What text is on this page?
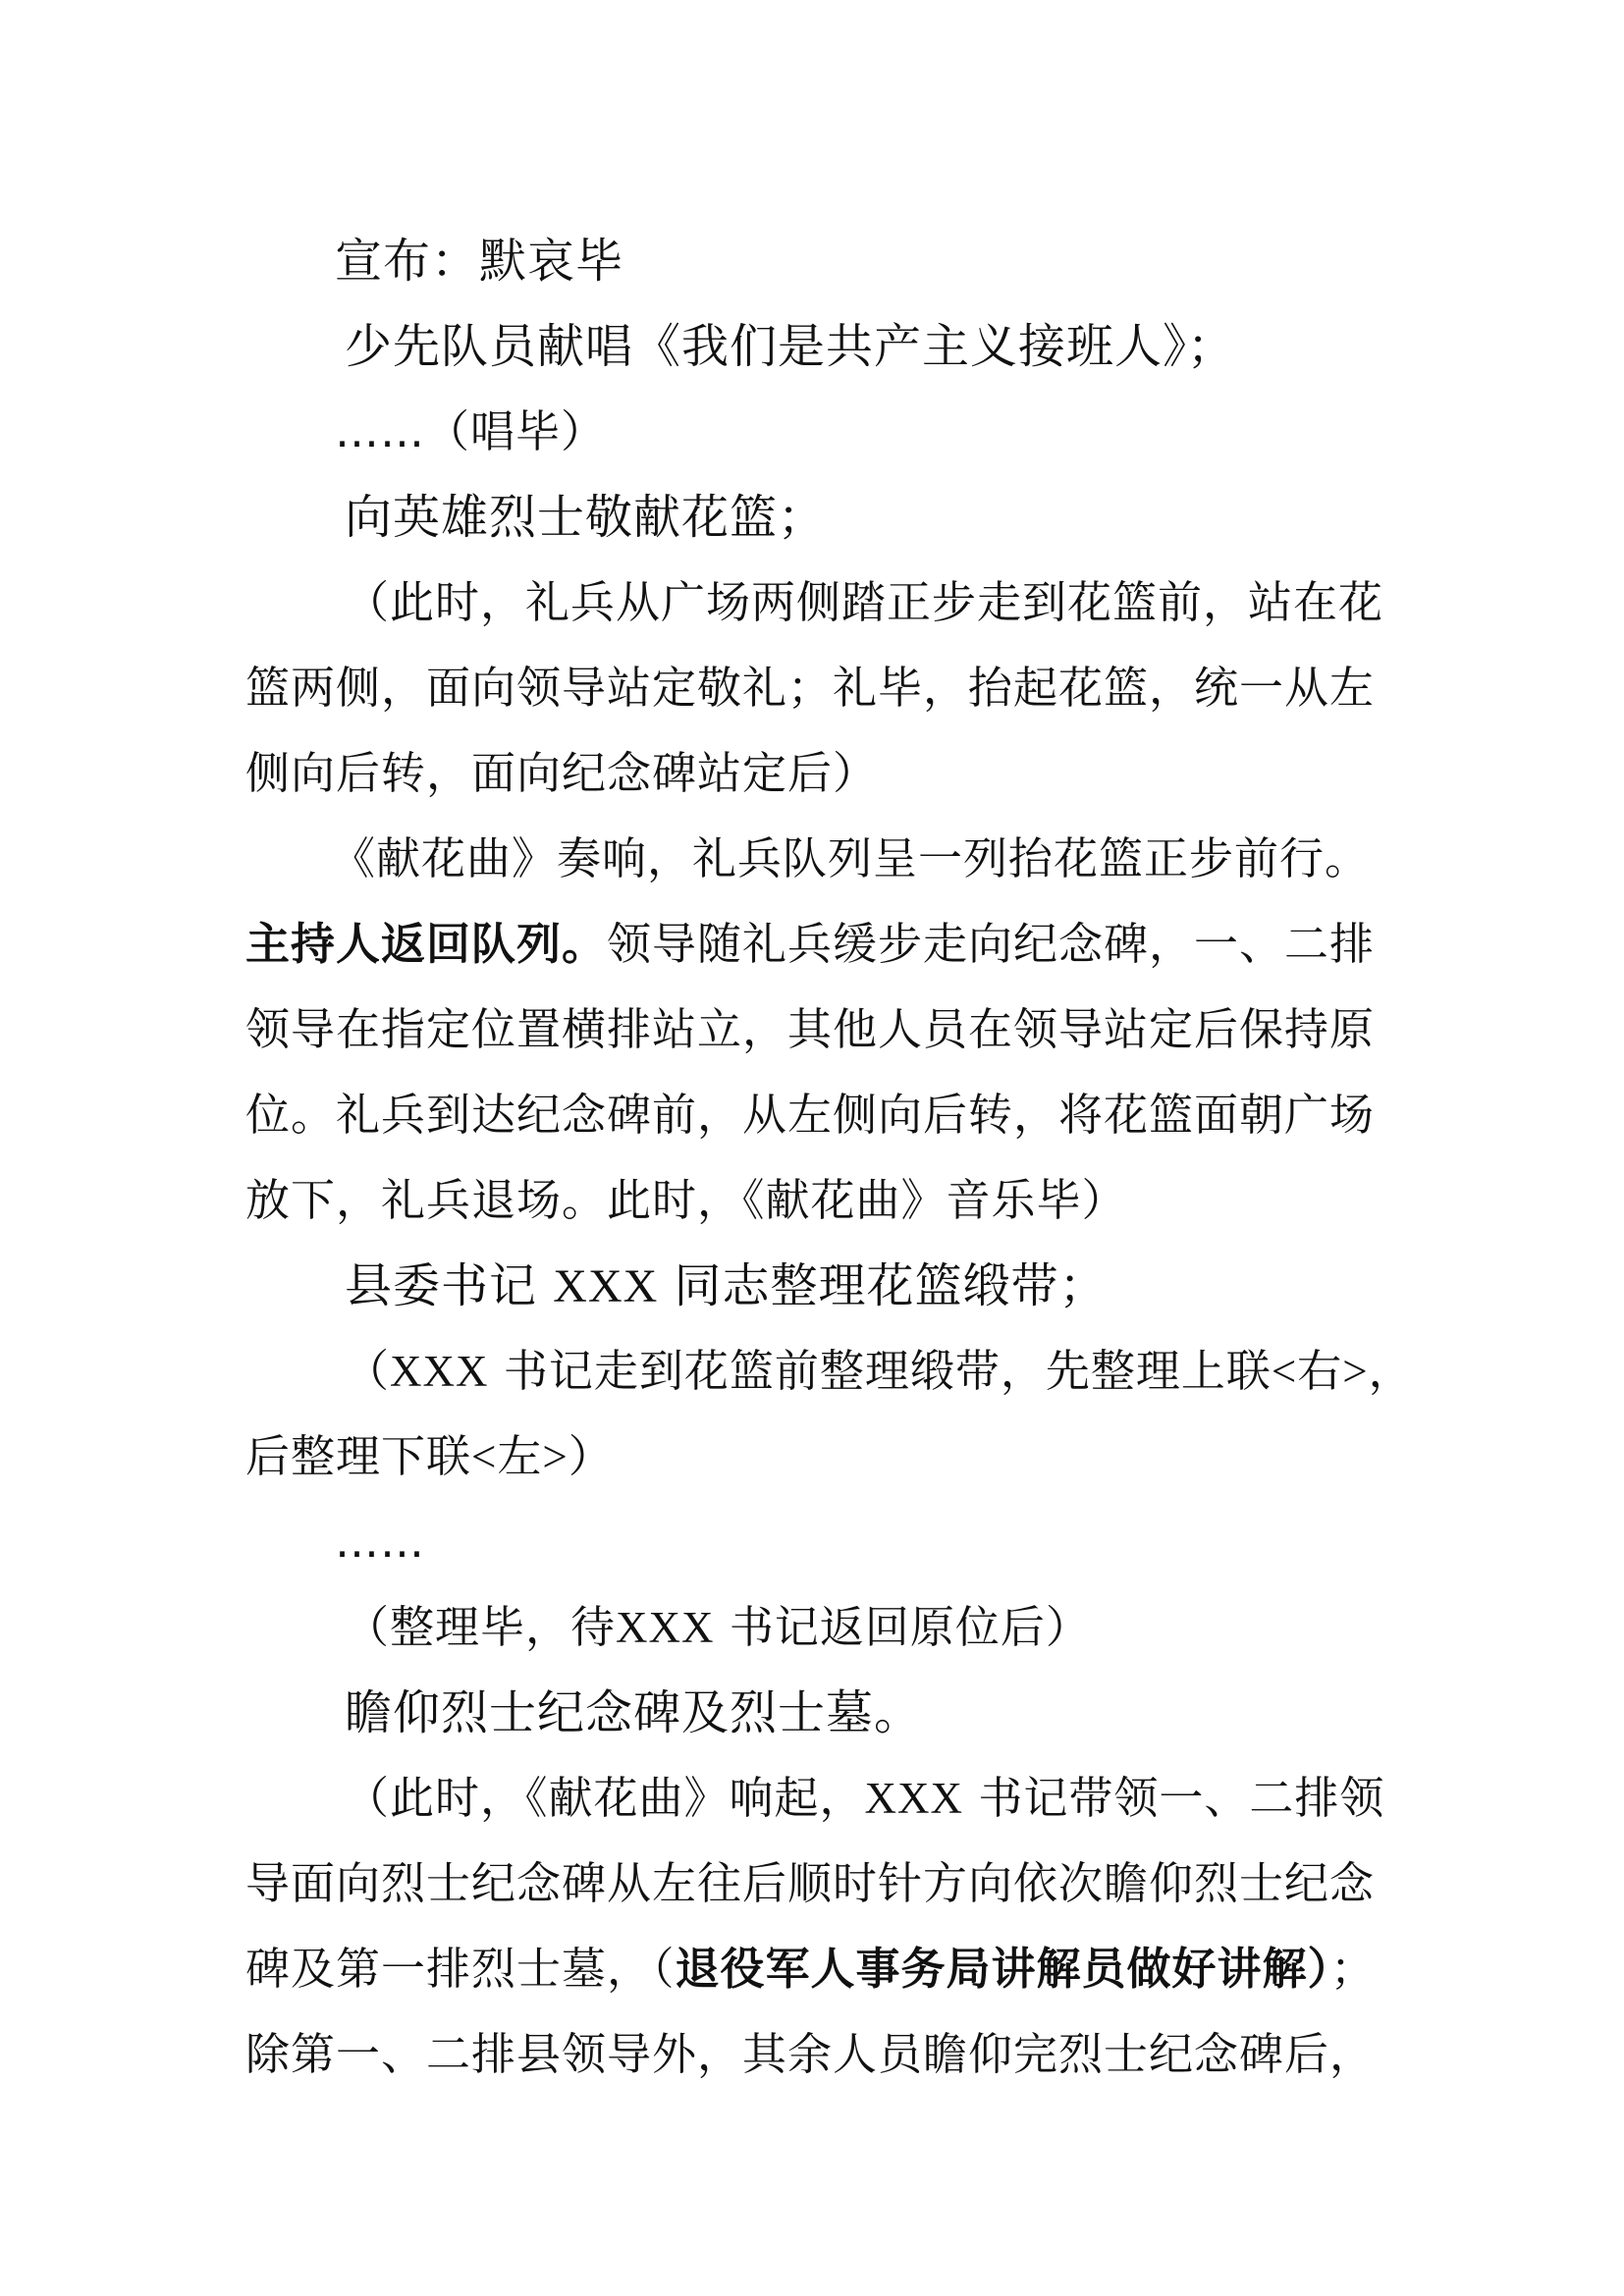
宣布：默哀毕
少先队员献唱《我们是共产主义接班人》；
……（唱毕）
向英雄烈士敬献花篮；
（此时，礼兵从广场两侧踏正步走到花篮前，站在花
篮两侧，面向领导站定敬礼；礼毕，抬起花篮，统一从左
侧向后转，面向纪念碑站定后）
《献花曲》奏响，礼兵队列呈一列抬花篮正步前行。
主持人返回队列。领导随礼兵缓步走向纪念碑，一、二排
领导在指定位置横排站立，其他人员在领导站定后保持原
位。礼兵到达纪念碑前，从左侧向后转，将花篮面朝广场
放下，礼兵退场。此时，《献花曲》音乐毕）
县委书记 XXX 同志整理花篮缎带；
（XXX 书记走到花篮前整理缎带，先整理上联<右>，
后整理下联<左>）
……
（整理毕，待XXX 书记返回原位后）
瞻仰烈士纪念碑及烈士墓。
（此时，《献花曲》响起，XXX 书记带领一、二排领
导面向烈士纪念碑从左往后顺时针方向依次瞻仰烈士纪念
碑及第一排烈士墓，（退役军人事务局讲解员做好讲解）；
除第一、二排县领导外，其余人员瞻仰完烈士纪念碑后，
